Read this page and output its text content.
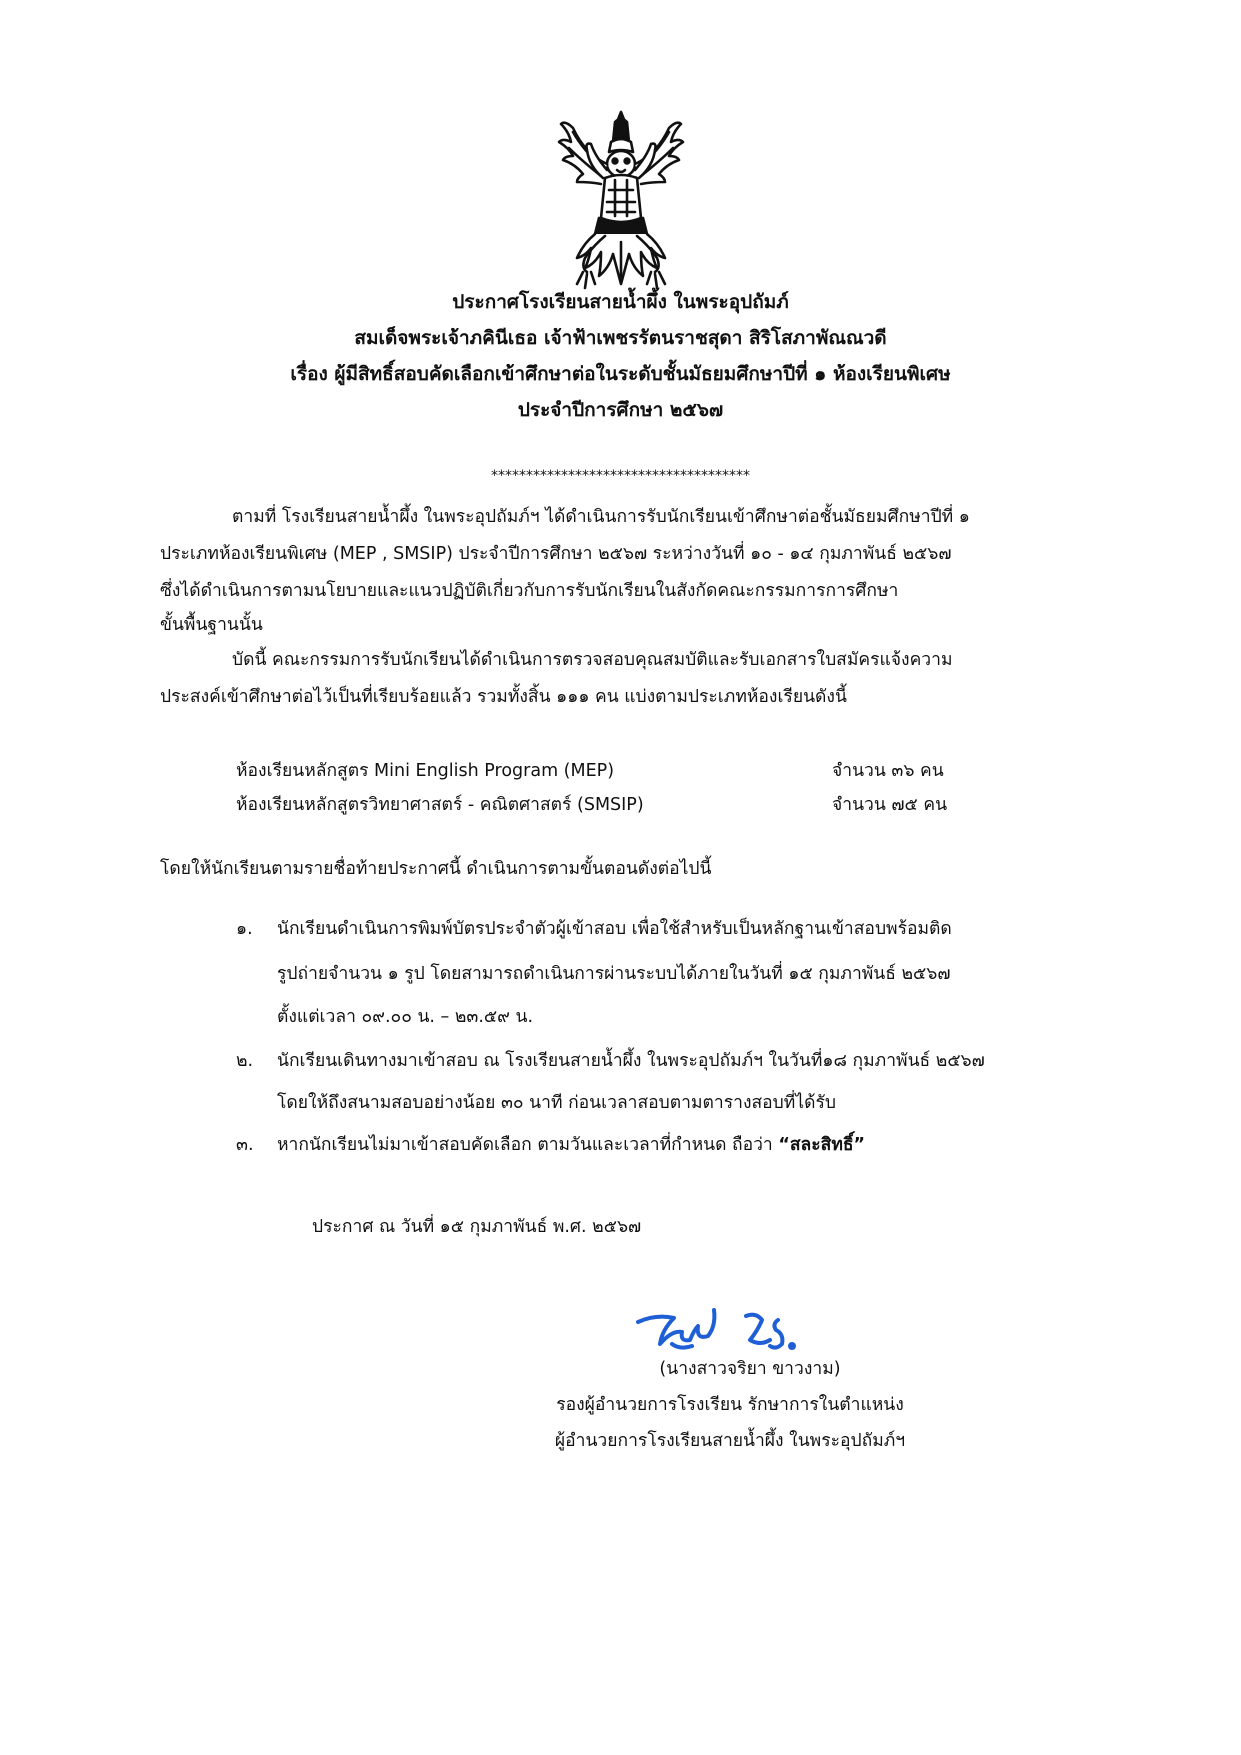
ประกาศโรงเรียนสายน้ำผึ้ง ในพระอุปถัมภ์
สมเด็จพระเจ้าภคินีเธอ เจ้าฟ้าเพชรรัตนราชสุดา สิริโสภาพัณณวดี
เรื่อง ผู้มีสิทธิ์สอบคัดเลือกเข้าศึกษาต่อในระดับชั้นมัธยมศึกษาปีที่ ๑ ห้องเรียนพิเศษ
ประจำปีการศึกษา ๒๕๖๗
*************************************
ตามที่ โรงเรียนสายน้ำผึ้ง ในพระอุปถัมภ์ฯ ได้ดำเนินการรับนักเรียนเข้าศึกษาต่อชั้นมัธยมศึกษาปีที่ ๑
ประเภทห้องเรียนพิเศษ (MEP , SMSIP) ประจำปีการศึกษา ๒๕๖๗ ระหว่างวันที่ ๑๐ - ๑๔ กุมภาพันธ์ ๒๕๖๗
ซึ่งได้ดำเนินการตามนโยบายและแนวปฏิบัติเกี่ยวกับการรับนักเรียนในสังกัดคณะกรรมการการศึกษา
ขั้นพื้นฐานนั้น
บัดนี้ คณะกรรมการรับนักเรียนได้ดำเนินการตรวจสอบคุณสมบัติและรับเอกสารใบสมัครแจ้งความ
ประสงค์เข้าศึกษาต่อไว้เป็นที่เรียบร้อยแล้ว รวมทั้งสิ้น ๑๑๑ คน แบ่งตามประเภทห้องเรียนดังนี้
ห้องเรียนหลักสูตร Mini English Program (MEP)	จำนวน ๓๖ คน
ห้องเรียนหลักสูตรวิทยาศาสตร์ - คณิตศาสตร์ (SMSIP)	จำนวน ๗๕ คน
โดยให้นักเรียนตามรายชื่อท้ายประกาศนี้ ดำเนินการตามขั้นตอนดังต่อไปนี้
๑. นักเรียนดำเนินการพิมพ์บัตรประจำตัวผู้เข้าสอบ เพื่อใช้สำหรับเป็นหลักฐานเข้าสอบพร้อมติด
รูปถ่ายจำนวน ๑ รูป โดยสามารถดำเนินการผ่านระบบได้ภายในวันที่ ๑๕ กุมภาพันธ์ ๒๕๖๗
ตั้งแต่เวลา ๐๙.๐๐ น. – ๒๓.๕๙ น.
๒. นักเรียนเดินทางมาเข้าสอบ ณ โรงเรียนสายน้ำผึ้ง ในพระอุปถัมภ์ฯ ในวันที่๑๘ กุมภาพันธ์ ๒๕๖๗
โดยให้ถึงสนามสอบอย่างน้อย ๓๐ นาที ก่อนเวลาสอบตามตารางสอบที่ได้รับ
๓. หากนักเรียนไม่มาเข้าสอบคัดเลือก ตามวันและเวลาที่กำหนด ถือว่า “สละสิทธิ์”
ประกาศ ณ วันที่ ๑๕ กุมภาพันธ์ พ.ศ. ๒๕๖๗
(นางสาวจริยา ขาวงาม)
รองผู้อำนวยการโรงเรียน รักษาการในตำแหน่ง
ผู้อำนวยการโรงเรียนสายน้ำผึ้ง ในพระอุปถัมภ์ฯ
